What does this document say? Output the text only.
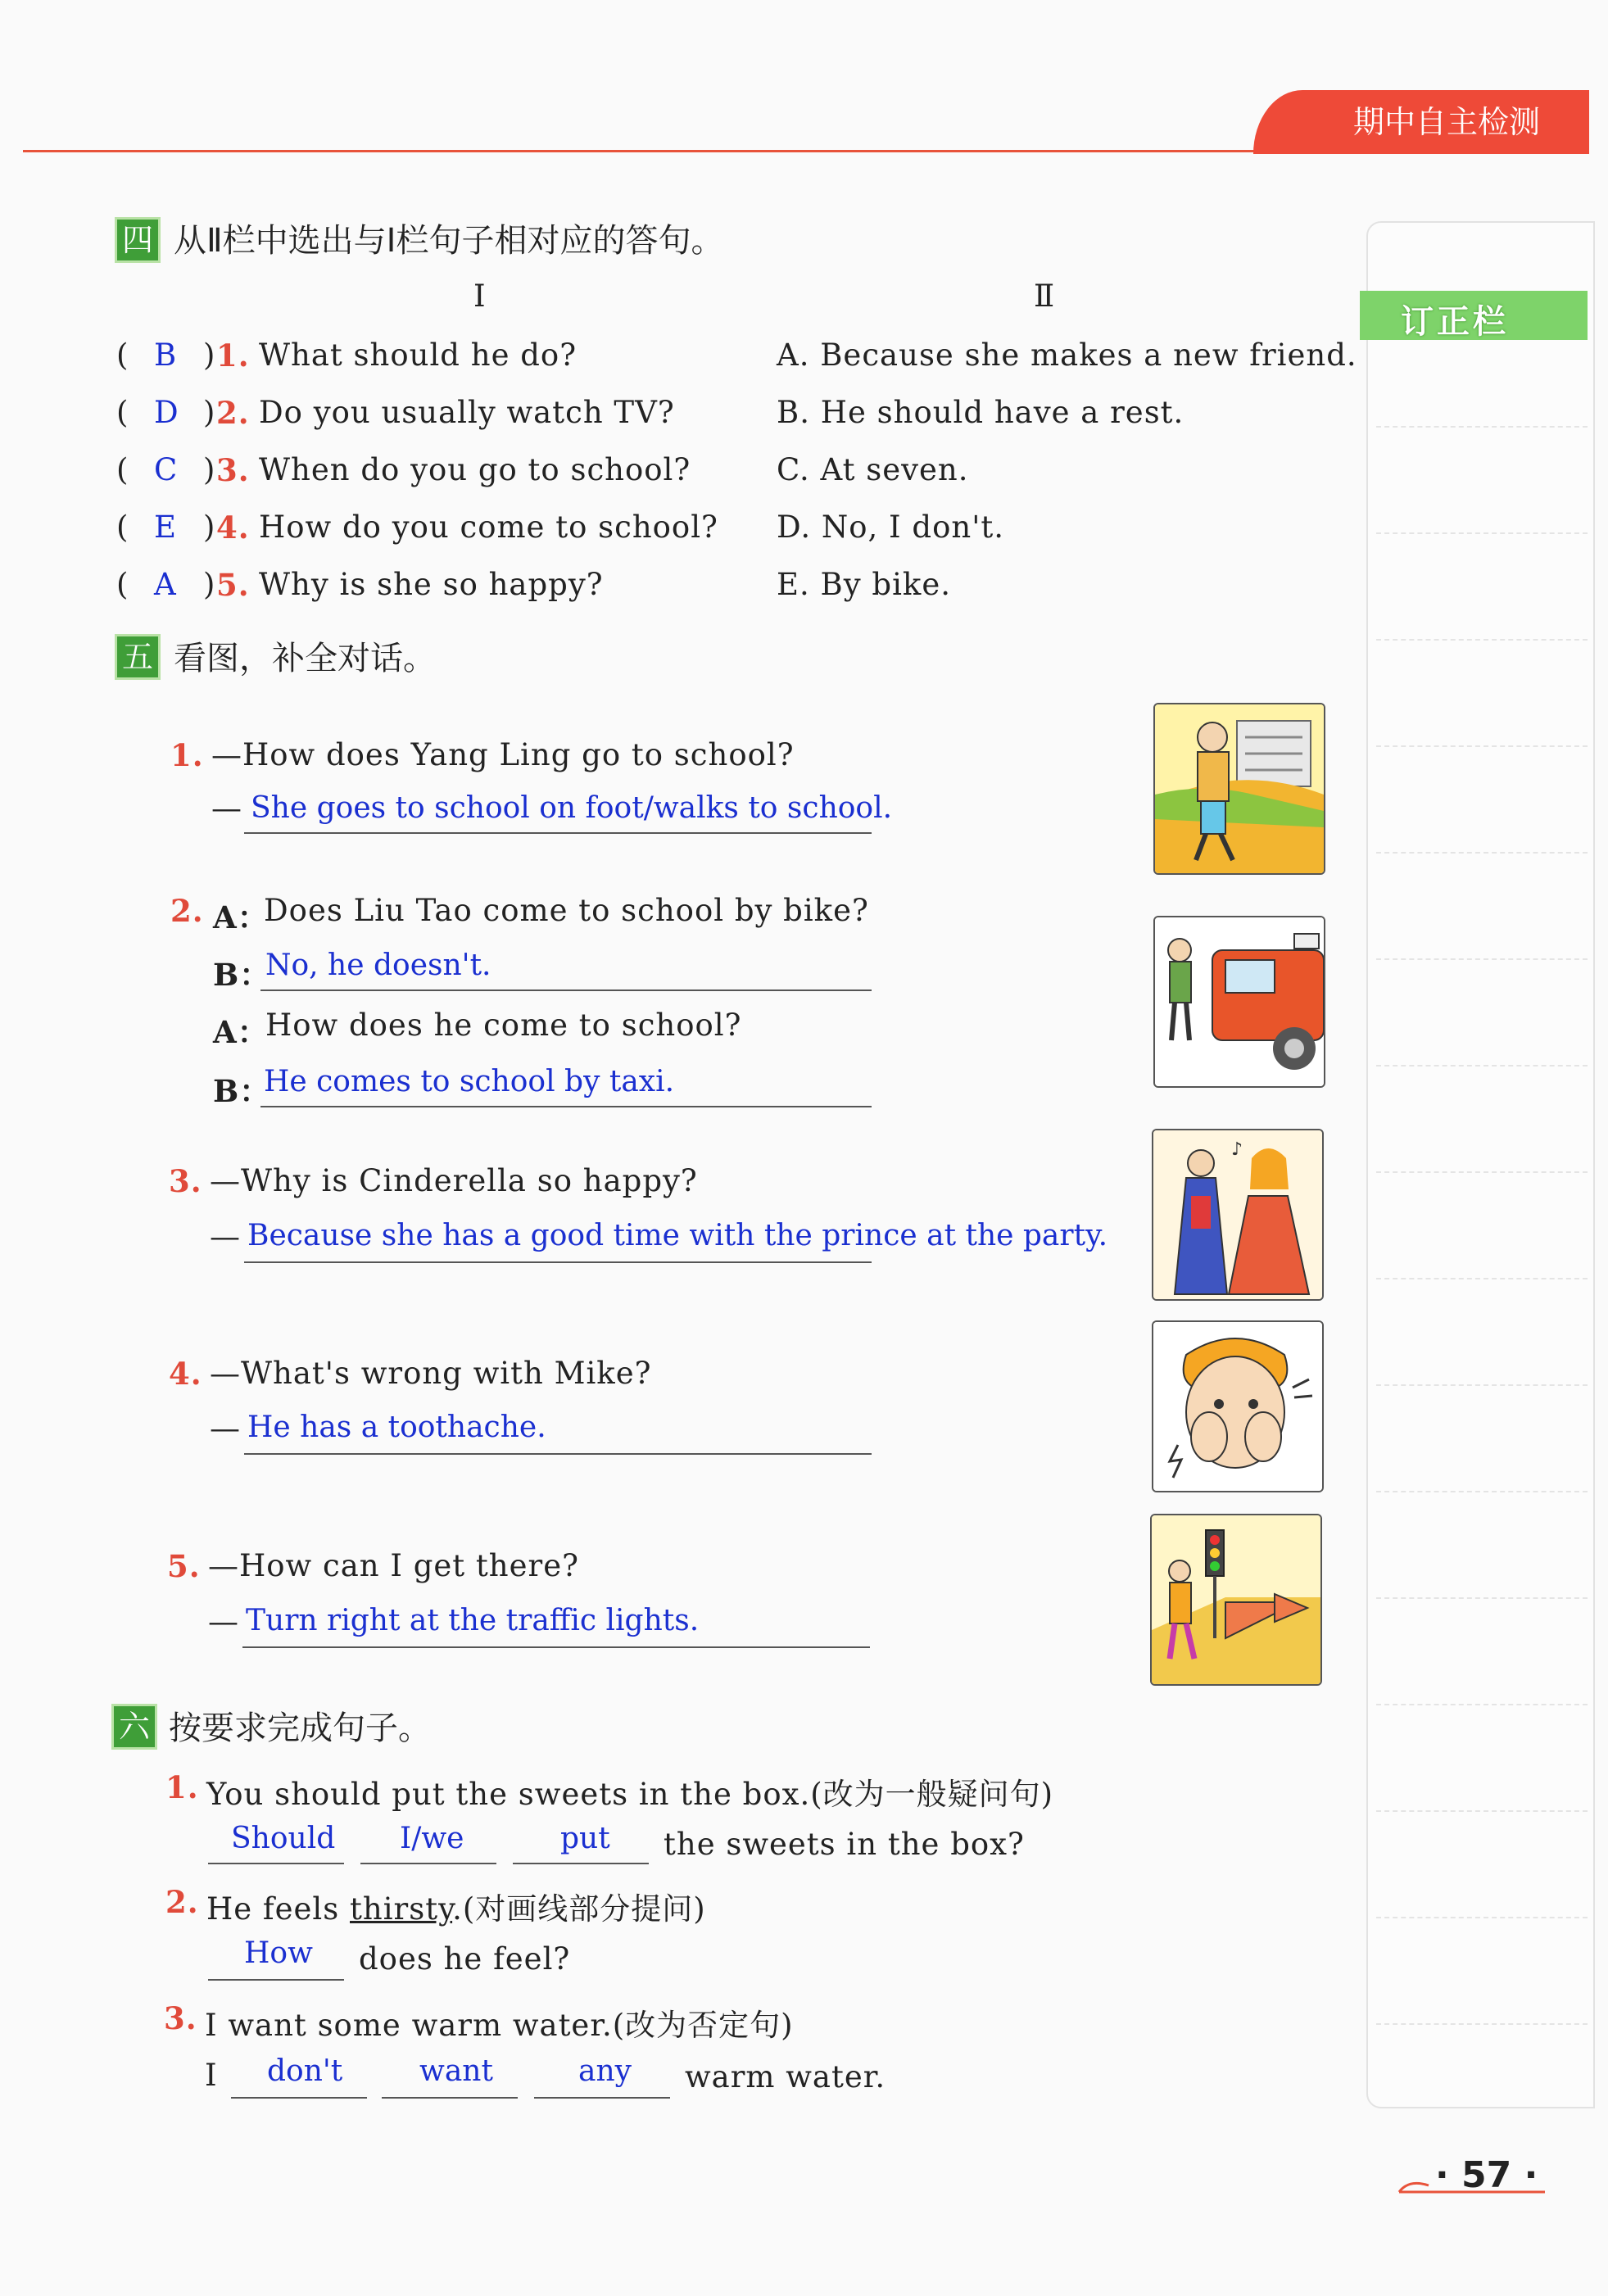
期中自主检测
订正栏
四 从Ⅱ栏中选出与Ⅰ栏句子相对应的答句。
Ⅰ	Ⅱ
( B ) 1. What should he do?	A. Because she makes a new friend.
( D ) 2. Do you usually watch TV?	B. He should have a rest.
( C ) 3. When do you go to school?	C. At seven.
( E ) 4. How do you come to school? D. No, I don't.
( A ) 5. Why is she so happy?	E. By bike.
五 看图，补全对话。
1. —How does Yang Ling go to school?
— She goes to school on foot/walks to school.
2. A：
Does Liu Tao come to school by bike?
B：
No, he doesn't.
A：
How does he come to school?
B：
He comes to school by taxi.
3. —Why is Cinderella so happy?
— Because she has a good time with the prince at the party.
4. —What's wrong with Mike?
— He has a toothache.
5. —How can I get there?
— Turn right at the traffic lights.
♪
六 按要求完成句子。
1. You should put the sweets in the box.(改为一般疑问句)
Should I/we	put the sweets in the box?
2. He feels thirsty.(对画线部分提问)
How does he feel?
3. I want some warm water.(改为否定句)
I don't	want	any warm water.
· 57 ·
